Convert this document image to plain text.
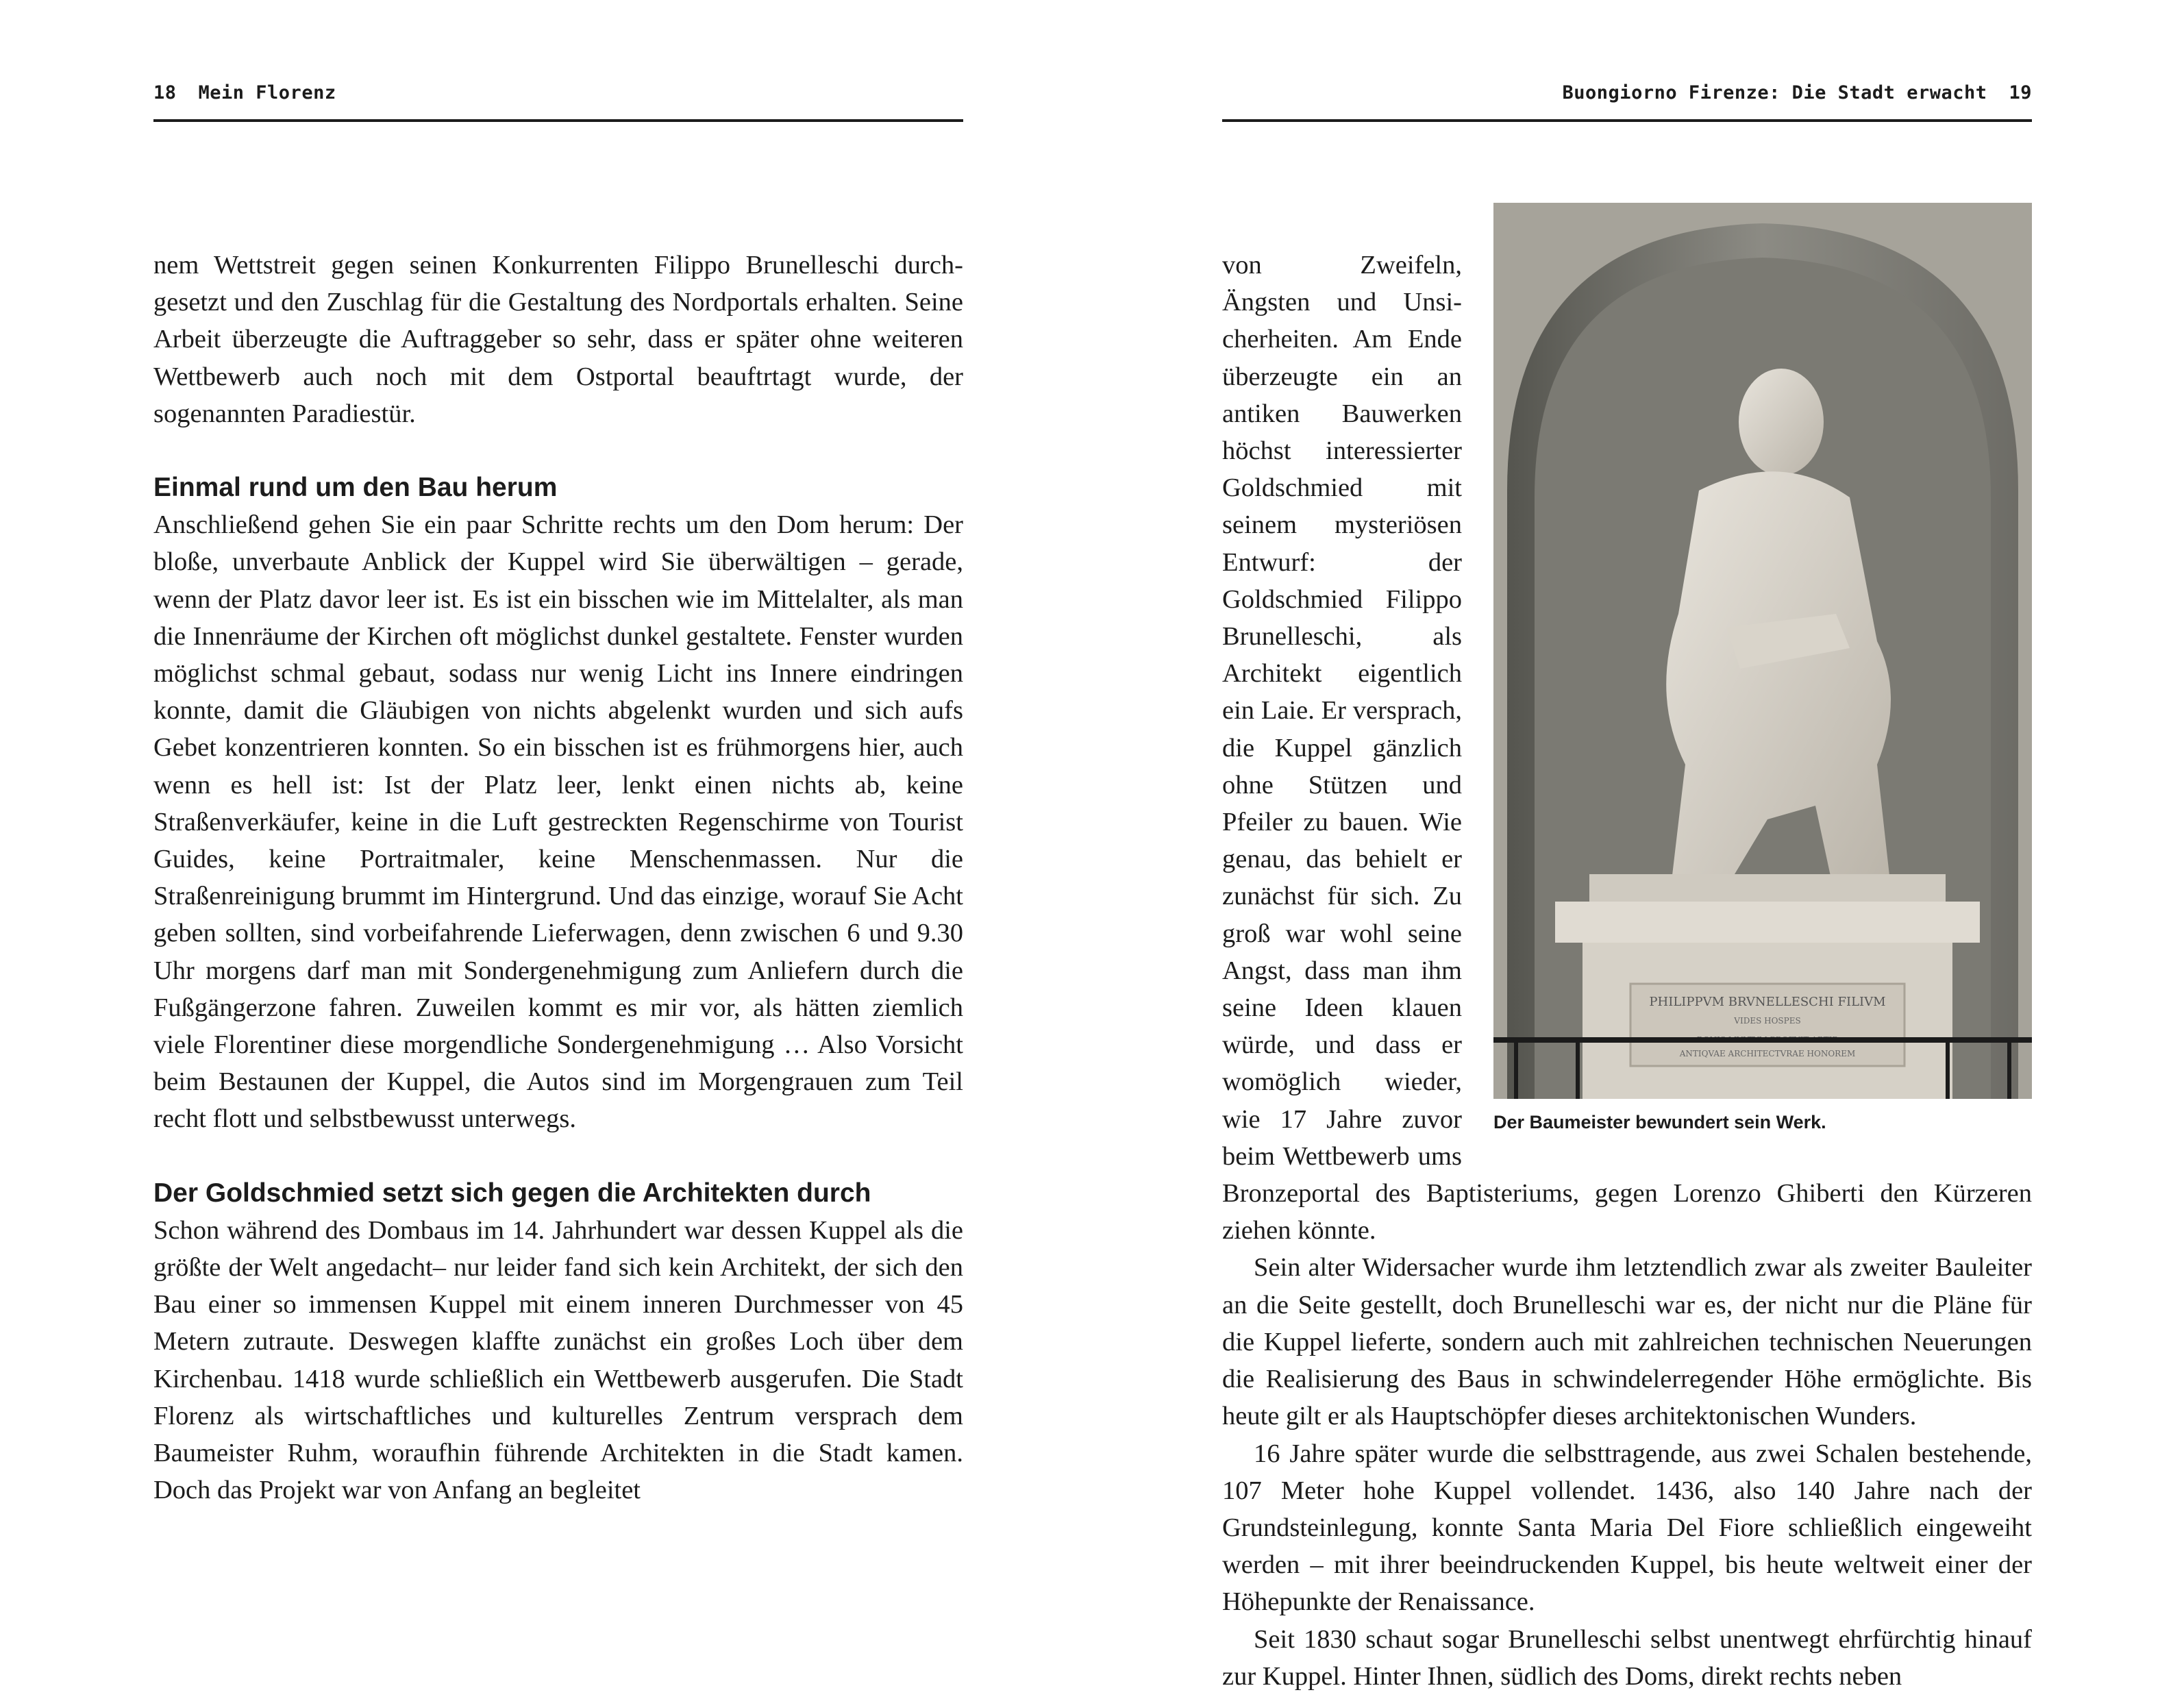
18 Mein Florenz

nem Wettstreit gegen seinen Konkurrenten Filippo Brunelleschi durchgesetzt und den Zuschlag für die Gestaltung des Nordportals erhalten. Seine Arbeit überzeugte die Auftraggeber so sehr, dass er später ohne weiteren Wettbewerb auch noch mit dem Ostportal beauftrtagt wurde, der sogenannten Paradiestür.

Einmal rund um den Bau herum

Anschließend gehen Sie ein paar Schritte rechts um den Dom herum: Der bloße, unverbaute Anblick der Kuppel wird Sie überwältigen – gerade, wenn der Platz davor leer ist. Es ist ein bisschen wie im Mittelalter, als man die Innenräume der Kirchen oft möglichst dunkel gestaltete. Fenster wurden möglichst schmal gebaut, sodass nur wenig Licht ins Innere eindringen konnte, damit die Gläubigen von nichts abgelenkt wurden und sich aufs Gebet konzentrieren konnten. So ein bisschen ist es frühmorgens hier, auch wenn es hell ist: Ist der Platz leer, lenkt einen nichts ab, keine Straßenverkäufer, keine in die Luft gestreckten Regenschirme von Tourist Guides, keine Portraitmaler, keine Menschenmassen. Nur die Straßenreinigung brummt im Hintergrund. Und das einzige, worauf Sie Acht geben sollten, sind vorbeifahrende Lieferwagen, denn zwischen 6 und 9.30 Uhr morgens darf man mit Sondergenehmigung zum Anliefern durch die Fußgängerzone fahren. Zuweilen kommt es mir vor, als hätten ziemlich viele Florentiner diese morgendliche Sondergenehmigung … Also Vorsicht beim Bestaunen der Kuppel, die Autos sind im Morgengrauen zum Teil recht flott und selbstbewusst unterwegs.

Der Goldschmied setzt sich gegen die Architekten durch

Schon während des Dombaus im 14. Jahrhundert war dessen Kuppel als die größte der Welt angedacht– nur leider fand sich kein Architekt, der sich den Bau einer so immensen Kuppel mit einem inneren Durchmesser von 45 Metern zutraute. Deswegen klaffte zunächst ein großes Loch über dem Kirchenbau. 1418 wurde schließlich ein Wettbewerb ausgerufen. Die Stadt Florenz als wirtschaftliches und kulturelles Zentrum versprach dem Baumeister Ruhm, woraufhin führende Architekten in die Stadt kamen. Doch das Projekt war von Anfang an begleitet

Buongiorno Firenze: Die Stadt erwacht 19
PHILIPPVM BRVNELLESCHI FILIVM
VIDES HOSPES
ANTIQVAE ARCHITECTVRAE HONOREM
Der Baumeister bewundert sein Werk.

von Zweifeln, Ängsten und Unsicherheiten. Am Ende überzeugte ein an antiken Bauwerken höchst interessierter Goldschmied mit seinem mysteriösen Entwurf: der Goldschmied Filippo Brunelleschi, als Architekt eigentlich ein Laie. Er versprach, die Kuppel gänzlich ohne Stützen und Pfeiler zu bauen. Wie genau, das behielt er zunächst für sich. Zu groß war wohl seine Angst, dass man ihm seine Ideen klauen würde, und dass er womöglich wieder, wie 17 Jahre zuvor beim Wettbewerb ums Bronzeportal des Baptisteriums, gegen Lorenzo Ghiberti den Kürzeren ziehen könnte.

Sein alter Widersacher wurde ihm letztendlich zwar als zweiter Bauleiter an die Seite gestellt, doch Brunelleschi war es, der nicht nur die Pläne für die Kuppel lieferte, sondern auch mit zahlreichen technischen Neuerungen die Realisierung des Baus in schwindelerregender Höhe ermöglichte. Bis heute gilt er als Hauptschöpfer dieses architektonischen Wunders.

16 Jahre später wurde die selbsttragende, aus zwei Schalen bestehende, 107 Meter hohe Kuppel vollendet. 1436, also 140 Jahre nach der Grundsteinlegung, konnte Santa Maria Del Fiore schließlich eingeweiht werden – mit ihrer beeindruckenden Kuppel, bis heute weltweit einer der Höhepunkte der Renaissance.

Seit 1830 schaut sogar Brunelleschi selbst unentwegt ehrfürchtig hinauf zur Kuppel. Hinter Ihnen, südlich des Doms, direkt rechts neben
